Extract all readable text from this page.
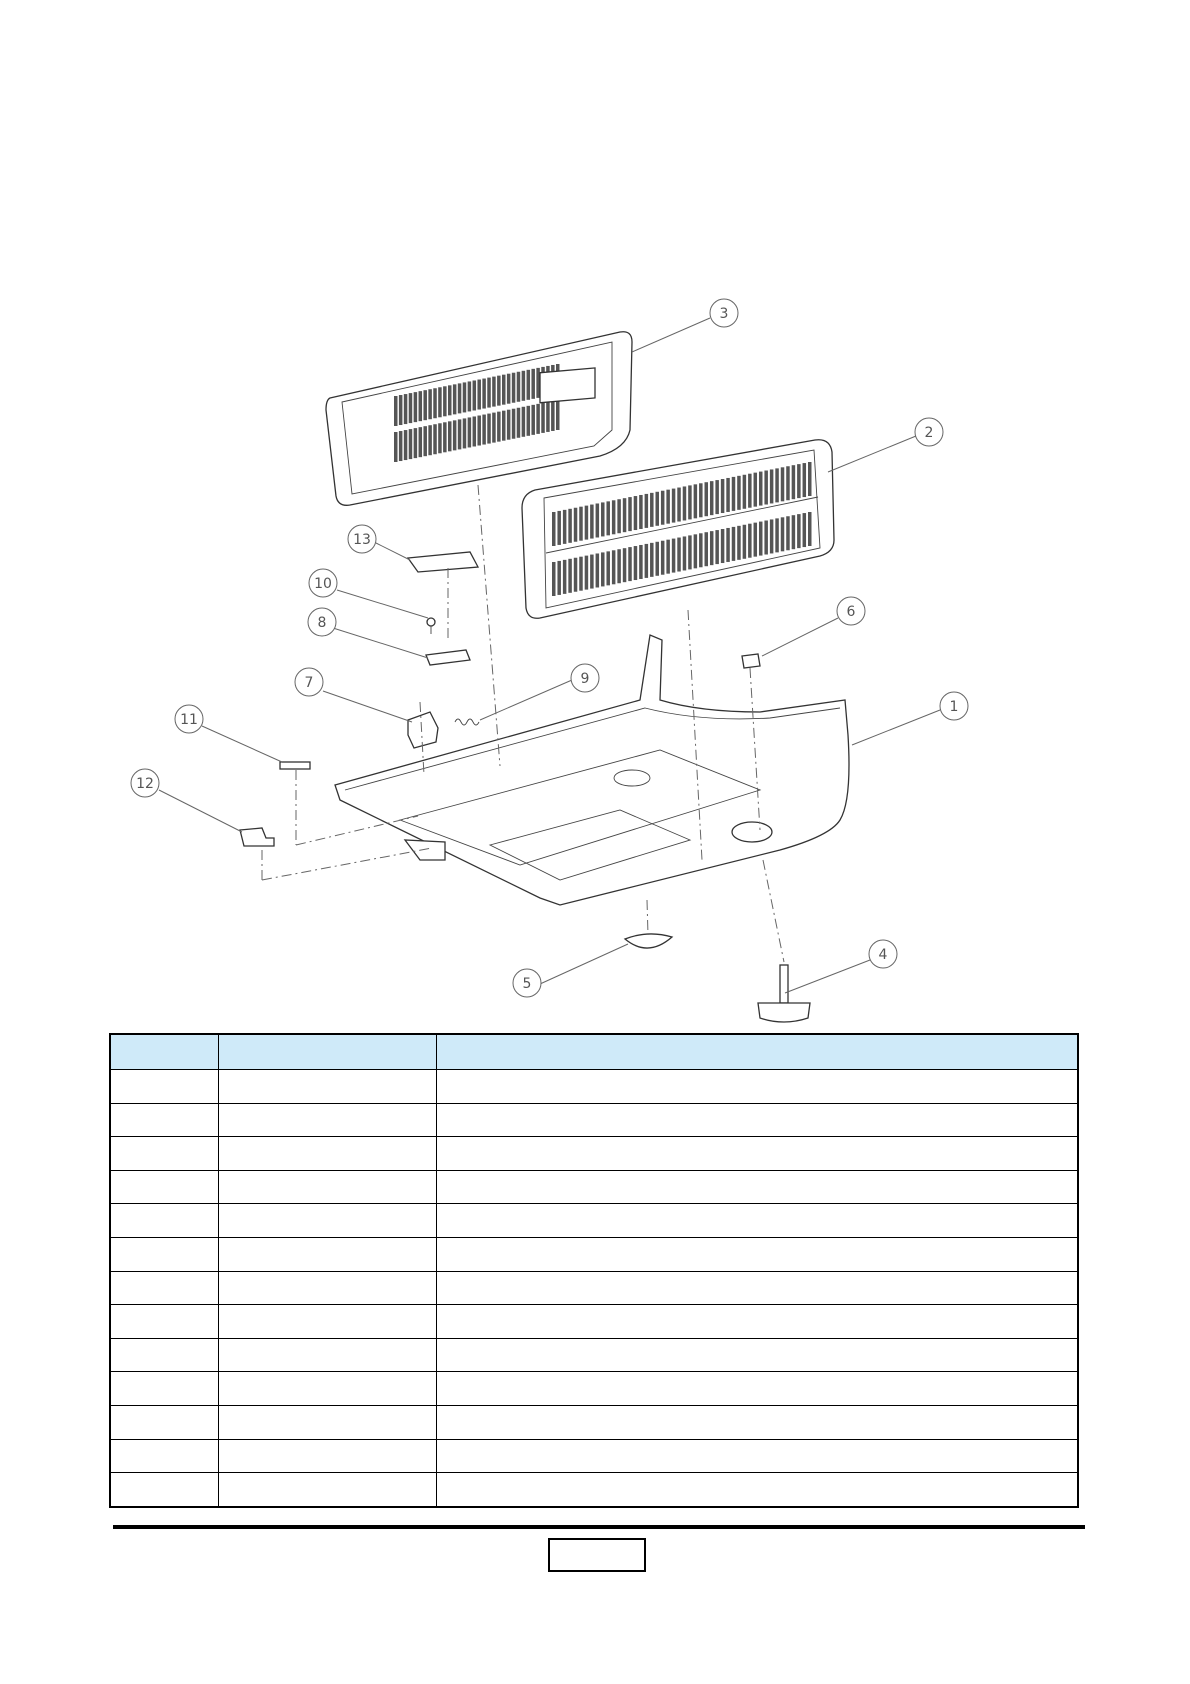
3
2
1
4
5
6
7
8
9
10
11
12
13
